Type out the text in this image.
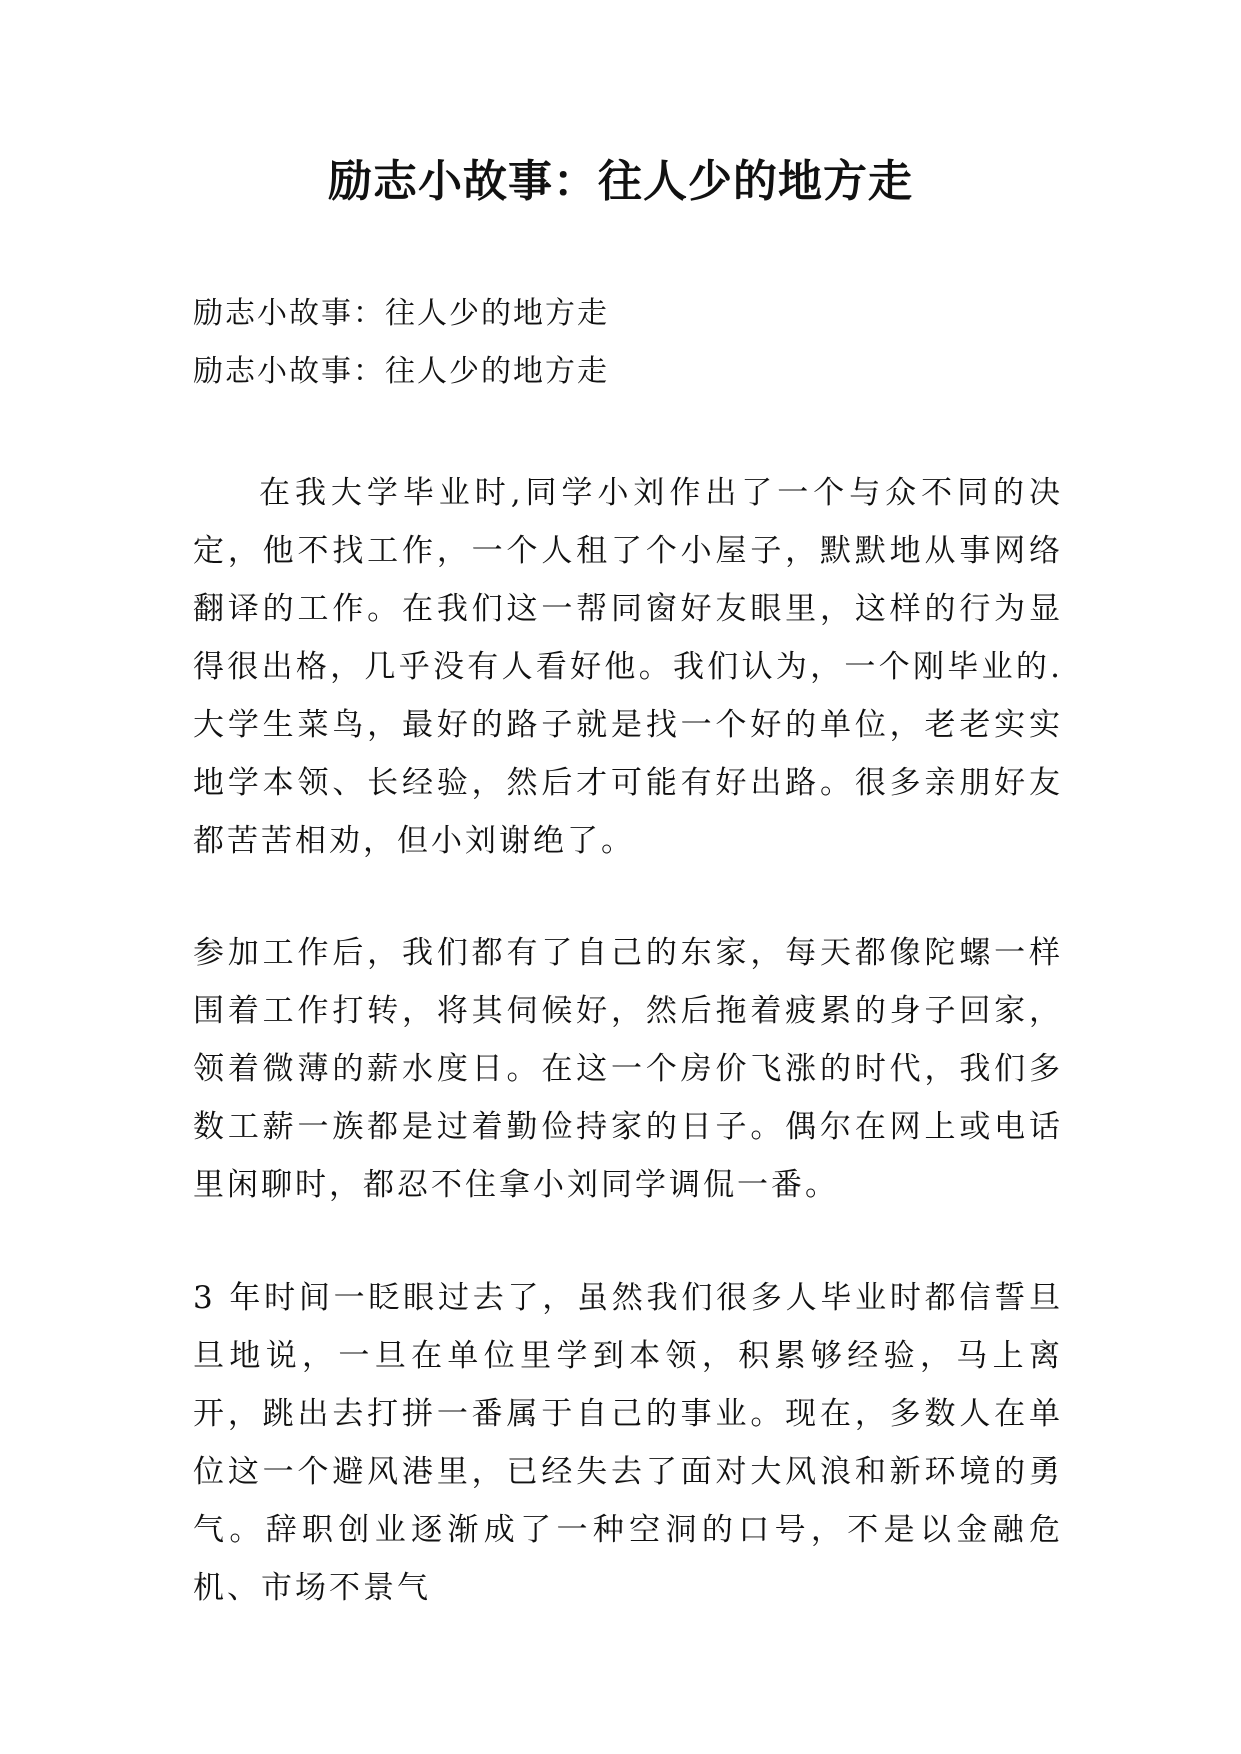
励志小故事：往人少的地方走
励志小故事：往人少的地方走
励志小故事：往人少的地方走

在我大学毕业时,同学小刘作出了一个与众不同的决定，他不找工作，一个人租了个小屋子，默默地从事网络翻译的工作。在我们这一帮同窗好友眼里，这样的行为显得很出格，几乎没有人看好他。我们认为，一个刚毕业的.大学生菜鸟，最好的路子就是找一个好的单位，老老实实地学本领、长经验，然后才可能有好出路。很多亲朋好友都苦苦相劝，但小刘谢绝了。

参加工作后，我们都有了自己的东家，每天都像陀螺一样围着工作打转，将其伺候好，然后拖着疲累的身子回家，领着微薄的薪水度日。在这一个房价飞涨的时代，我们多数工薪一族都是过着勤俭持家的日子。偶尔在网上或电话里闲聊时，都忍不住拿小刘同学调侃一番。

3 年时间一眨眼过去了，虽然我们很多人毕业时都信誓旦旦地说，一旦在单位里学到本领，积累够经验，马上离开，跳出去打拼一番属于自己的事业。现在，多数人在单位这一个避风港里，已经失去了面对大风浪和新环境的勇气。辞职创业逐渐成了一种空洞的口号，不是以金融危机、市场不景气
